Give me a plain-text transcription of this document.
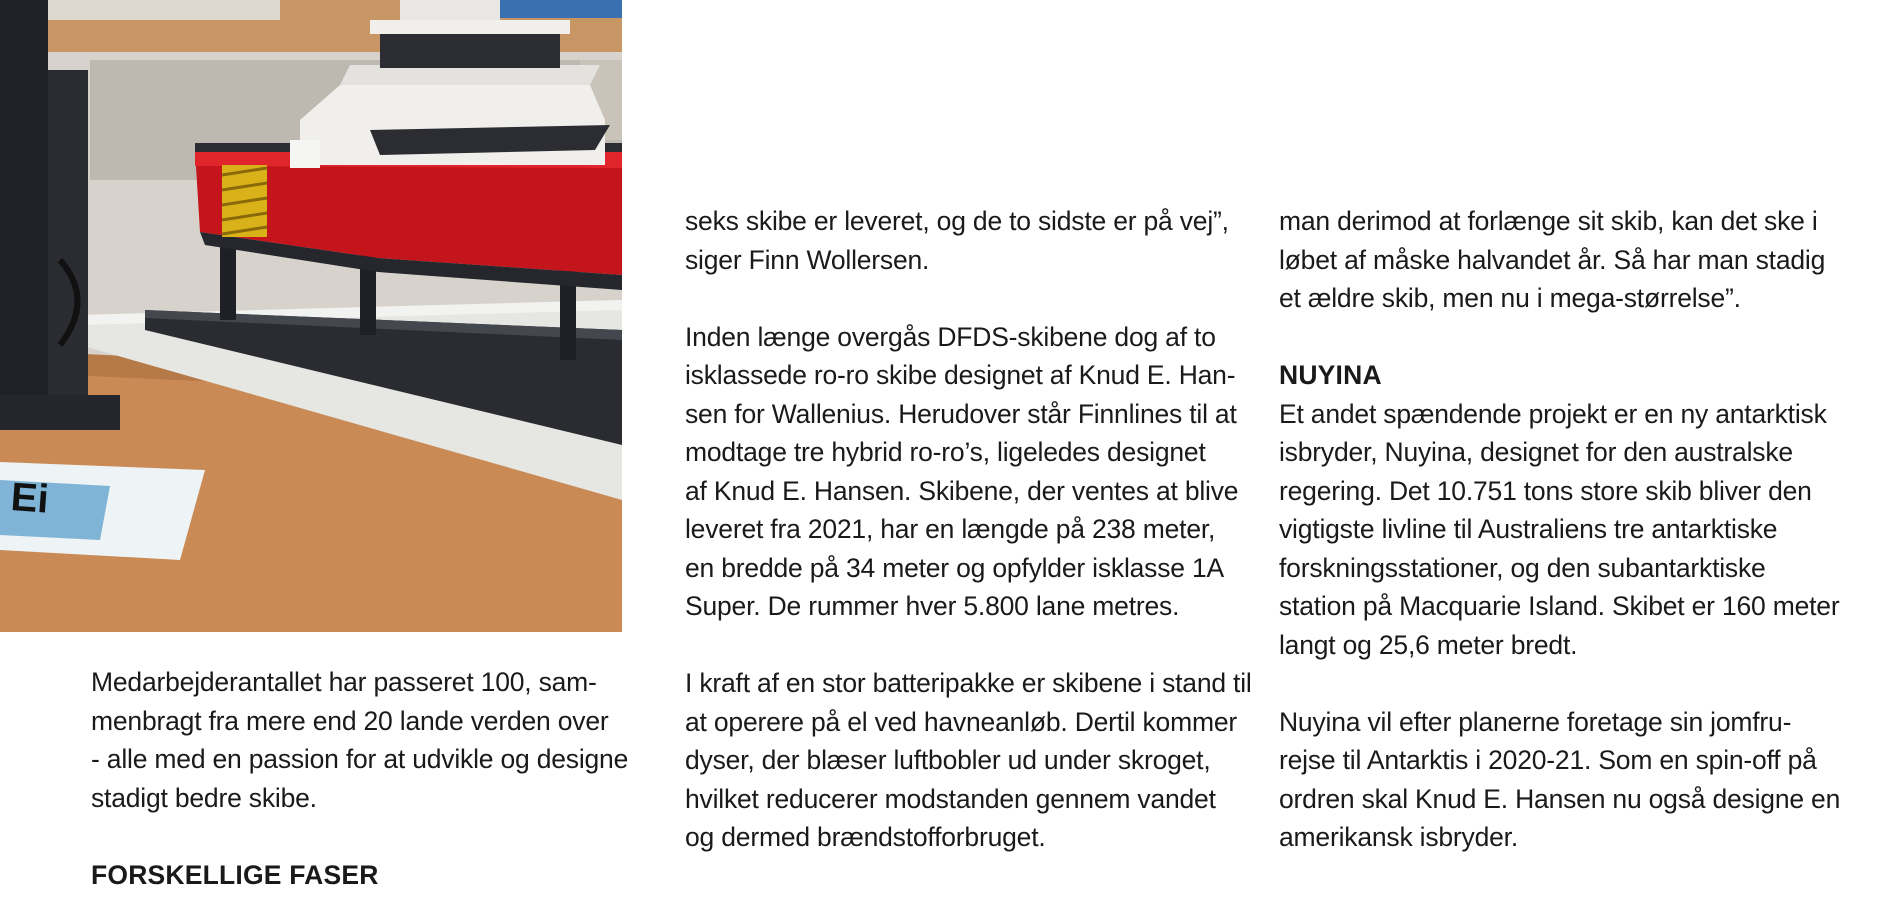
Ei

Medarbejderantallet har passeret 100, sam-
menbragt fra mere end 20 lande verden over
- alle med en passion for at udvikle og designe
stadigt bedre skibe.

FORSKELLIGE FASER

seks skibe er leveret, og de to sidste er på vej”,
siger Finn Wollersen.

Inden længe overgås DFDS-skibene dog af to
isklassede ro-ro skibe designet af Knud E. Han-
sen for Wallenius. Herudover står Finnlines til at
modtage tre hybrid ro-ro’s, ligeledes designet
af Knud E. Hansen. Skibene, der ventes at blive
leveret fra 2021, har en længde på 238 meter,
en bredde på 34 meter og opfylder isklasse 1A
Super. De rummer hver 5.800 lane metres.

I kraft af en stor batteripakke er skibene i stand til
at operere på el ved havneanløb. Dertil kommer
dyser, der blæser luftbobler ud under skroget,
hvilket reducerer modstanden gennem vandet
og dermed brændstofforbruget.

man derimod at forlænge sit skib, kan det ske i
løbet af måske halvandet år. Så har man stadig
et ældre skib, men nu i mega-størrelse”.

NUYINA

Et andet spændende projekt er en ny antarktisk
isbryder, Nuyina, designet for den australske
regering. Det 10.751 tons store skib bliver den
vigtigste livline til Australiens tre antarktiske
forskningsstationer, og den subantarktiske
station på Macquarie Island. Skibet er 160 meter
langt og 25,6 meter bredt.

Nuyina vil efter planerne foretage sin jomfru-
rejse til Antarktis i 2020-21. Som en spin-off på
ordren skal Knud E. Hansen nu også designe en
amerikansk isbryder.
